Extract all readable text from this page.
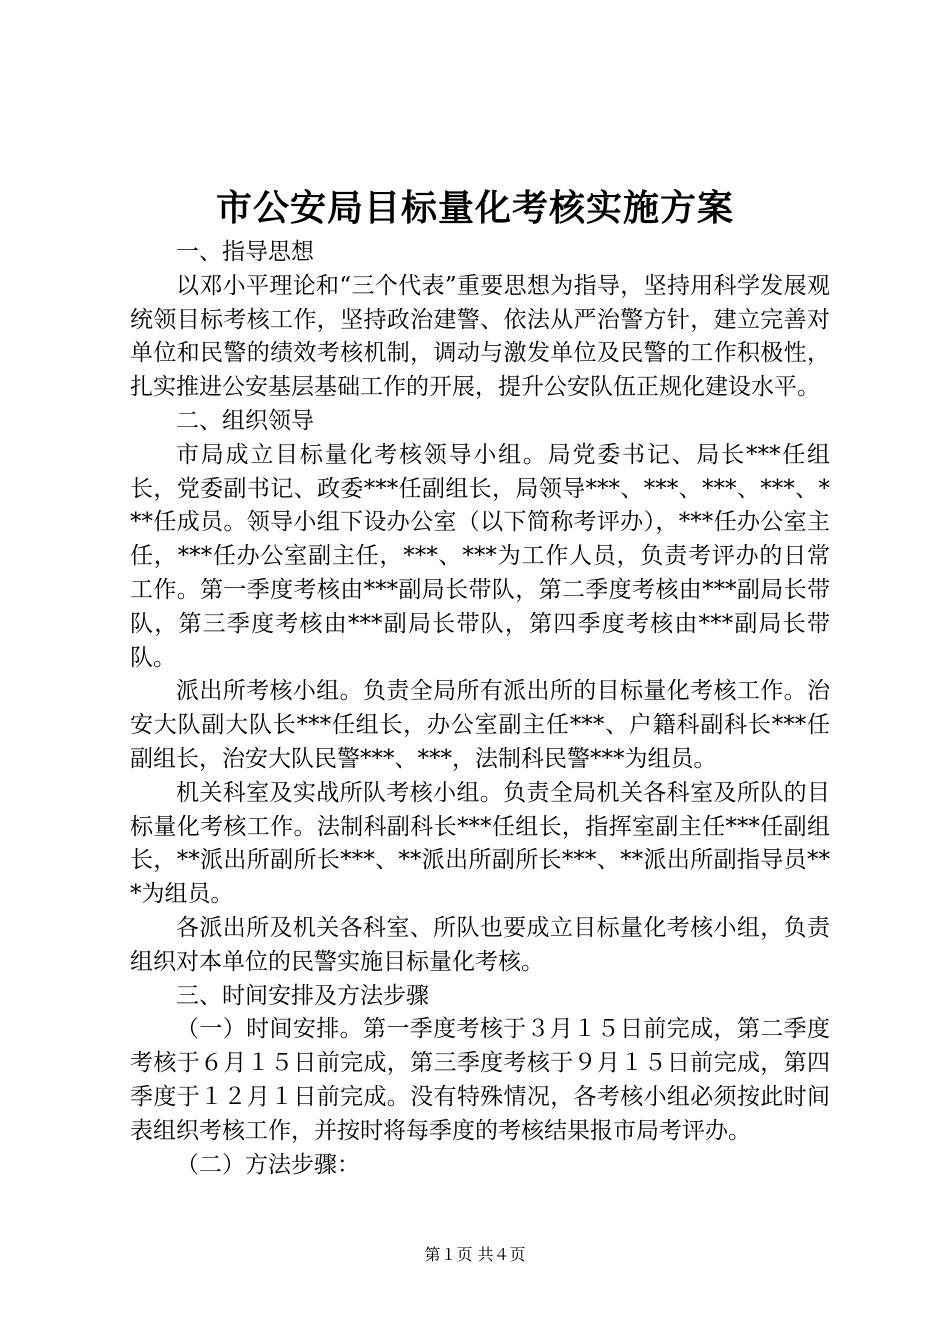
市公安局目标量化考核实施方案

一、指导思想

以邓小平理论和“三个代表”重要思想为指导，坚持用科学发展观统领目标考核工作，坚持政治建警、依法从严治警方针，建立完善对单位和民警的绩效考核机制，调动与激发单位及民警的工作积极性，扎实推进公安基层基础工作的开展，提升公安队伍正规化建设水平。

二、组织领导

市局成立目标量化考核领导小组。局党委书记、局长***任组长，党委副书记、政委***任副组长，局领导***、***、***、***、***任成员。领导小组下设办公室（以下简称考评办），***任办公室主任，***任办公室副主任，***、***为工作人员，负责考评办的日常工作。第一季度考核由***副局长带队，第二季度考核由***副局长带队，第三季度考核由***副局长带队，第四季度考核由***副局长带队。

派出所考核小组。负责全局所有派出所的目标量化考核工作。治安大队副大队长***任组长，办公室副主任***、户籍科副科长***任副组长，治安大队民警***、***，法制科民警***为组员。

机关科室及实战所队考核小组。负责全局机关各科室及所队的目标量化考核工作。法制科副科长***任组长，指挥室副主任***任副组长，**派出所副所长***、**派出所副所长***、**派出所副指导员***为组员。

各派出所及机关各科室、所队也要成立目标量化考核小组，负责组织对本单位的民警实施目标量化考核。

三、时间安排及方法步骤

（一）时间安排。第一季度考核于３月１５日前完成，第二季度考核于６月１５日前完成，第三季度考核于９月１５日前完成，第四季度于１２月１日前完成。没有特殊情况，各考核小组必须按此时间表组织考核工作，并按时将每季度的考核结果报市局考评办。

（二）方法步骤：

第１页 共４页
